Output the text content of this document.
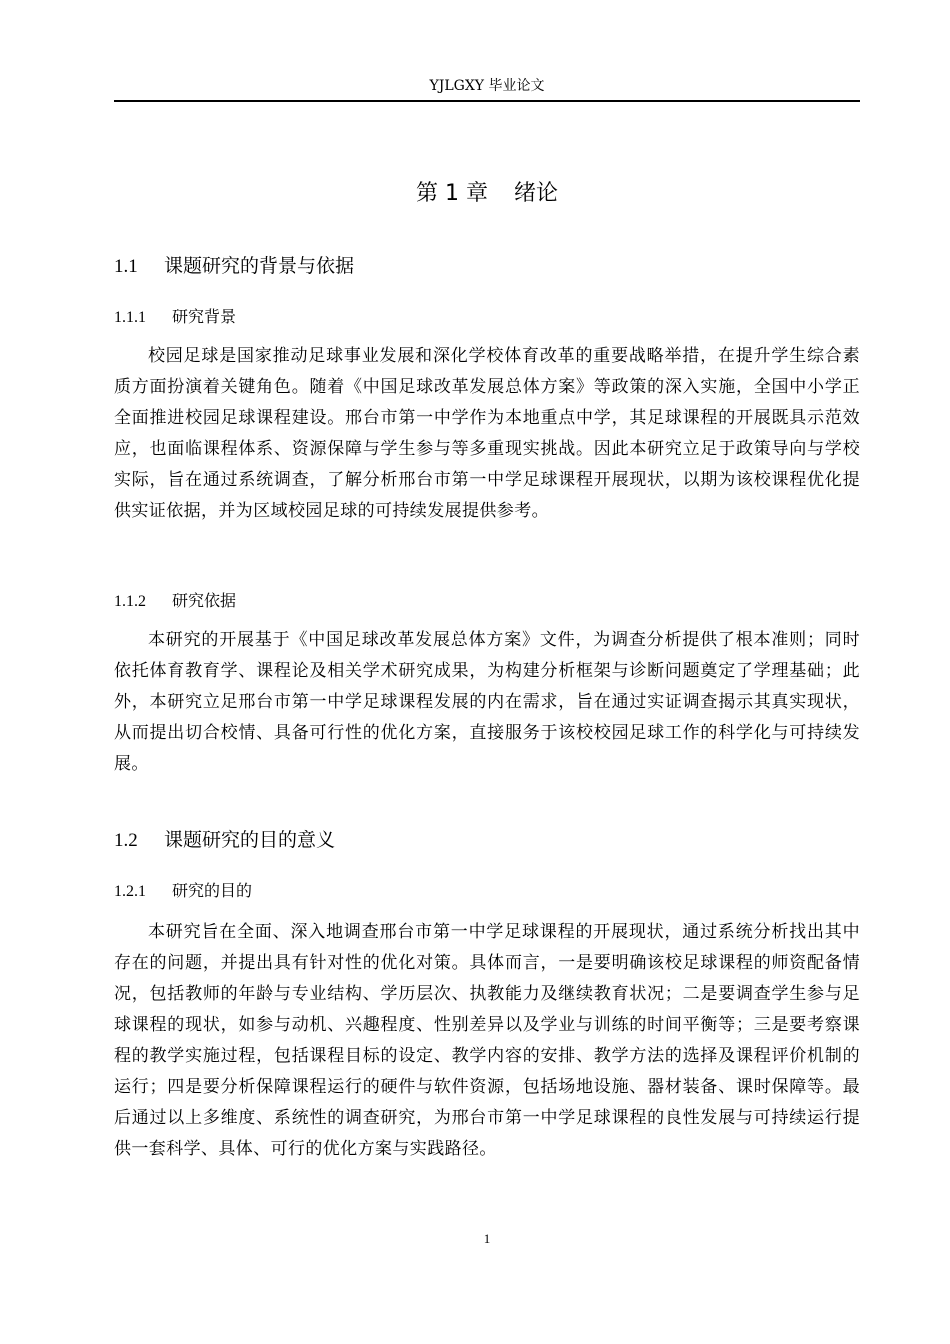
YJLGXY 毕业论文
第 1 章 绪论
1.1 课题研究的背景与依据
1.1.1 研究背景

校园足球是国家推动足球事业发展和深化学校体育改革的重要战略举措，在提升学生综合素质方面扮演着关键角色。随着《中国足球改革发展总体方案》等政策的深入实施，全国中小学正全面推进校园足球课程建设。邢台市第一中学作为本地重点中学，其足球课程的开展既具示范效应，也面临课程体系、资源保障与学生参与等多重现实挑战。因此本研究立足于政策导向与学校实际，旨在通过系统调查，了解分析邢台市第一中学足球课程开展现状，以期为该校课程优化提供实证依据，并为区域校园足球的可持续发展提供参考。

1.1.2 研究依据

本研究的开展基于《中国足球改革发展总体方案》文件，为调查分析提供了根本准则；同时依托体育教育学、课程论及相关学术研究成果，为构建分析框架与诊断问题奠定了学理基础；此外，本研究立足邢台市第一中学足球课程发展的内在需求，旨在通过实证调查揭示其真实现状，从而提出切合校情、具备可行性的优化方案，直接服务于该校校园足球工作的科学化与可持续发展。

1.2 课题研究的目的意义
1.2.1 研究的目的

本研究旨在全面、深入地调查邢台市第一中学足球课程的开展现状，通过系统分析找出其中存在的问题，并提出具有针对性的优化对策。具体而言，一是要明确该校足球课程的师资配备情况，包括教师的年龄与专业结构、学历层次、执教能力及继续教育状况；二是要调查学生参与足球课程的现状，如参与动机、兴趣程度、性别差异以及学业与训练的时间平衡等；三是要考察课程的教学实施过程，包括课程目标的设定、教学内容的安排、教学方法的选择及课程评价机制的运行；四是要分析保障课程运行的硬件与软件资源，包括场地设施、器材装备、课时保障等。最后通过以上多维度、系统性的调查研究，为邢台市第一中学足球课程的良性发展与可持续运行提供一套科学、具体、可行的优化方案与实践路径。

1
